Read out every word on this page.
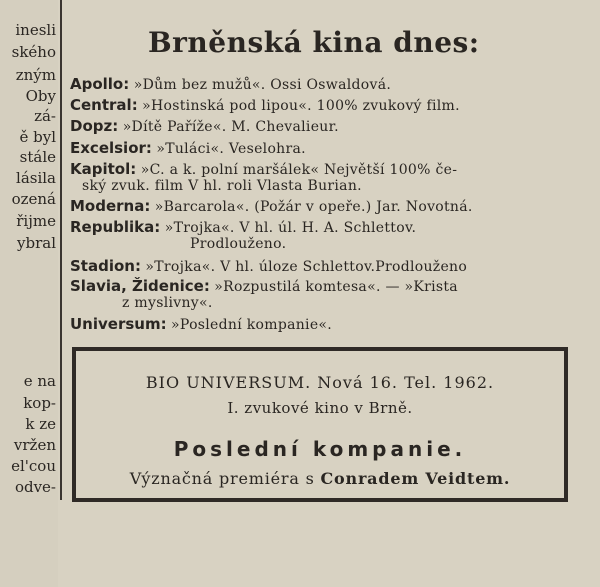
inesli
ského
zným
Oby
zá-
ě byl
stále
lásila
ozená
řijme
ybral
e na
kop-
k ze
vržen
el'cou
odve-
Brněnská kina dnes:
Apollo: »Dům bez mužů«. Ossi Oswaldová.
Central: »Hostinská pod lipou«. 100% zvukový film.
Dopz: »Dítě Paříže«. M. Chevalieur.
Excelsior: »Tuláci«. Veselohra.
Kapitol: »C. a k. polní maršálek« Největší 100% če-
ský zvuk. film V hl. roli Vlasta Burian.
Moderna: »Barcarola«. (Požár v opeře.) Jar. Novotná.
Republika: »Trojka«. V hl. úl. H. A. Schlettov.
Prodlouženo.
Stadion: »Trojka«. V hl. úloze Schlettov.Prodlouženo
Slavia, Židenice: »Rozpustilá komtesa«. — »Krista
z myslivny«.
Universum: »Poslední kompanie«.
BIO UNIVERSUM. Nová 16. Tel. 1962.
I. zvukové kino v Brně.
Poslední kompanie.
Význačná premiéra s Conradem Veidtem.
